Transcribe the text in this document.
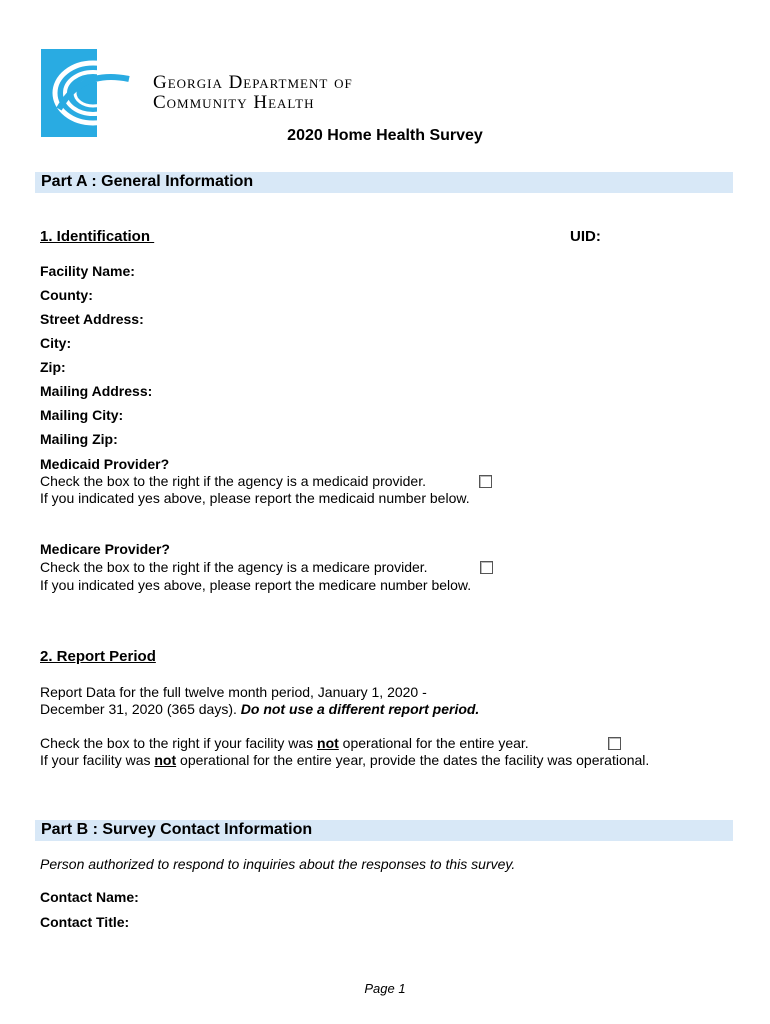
Georgia Department of
Community Health
2020 Home Health Survey
Part A : General Information
1. Identification	UID:
Facility Name:
County:
Street Address:
City:
Zip:
Mailing Address:
Mailing City:
Mailing Zip:
Medicaid Provider?
Check the box to the right if the agency is a medicaid provider.
If you indicated yes above, please report the medicaid number below.
Medicare Provider?
Check the box to the right if the agency is a medicare provider.
If you indicated yes above, please report the medicare number below.
2. Report Period
Report Data for the full twelve month period, January 1, 2020 -
December 31, 2020 (365 days). Do not use a different report period.
Check the box to the right if your facility was not operational for the entire year.
If your facility was not operational for the entire year, provide the dates the facility was operational.
Part B : Survey Contact Information
Person authorized to respond to inquiries about the responses to this survey.
Contact Name:
Contact Title:
Page 1
